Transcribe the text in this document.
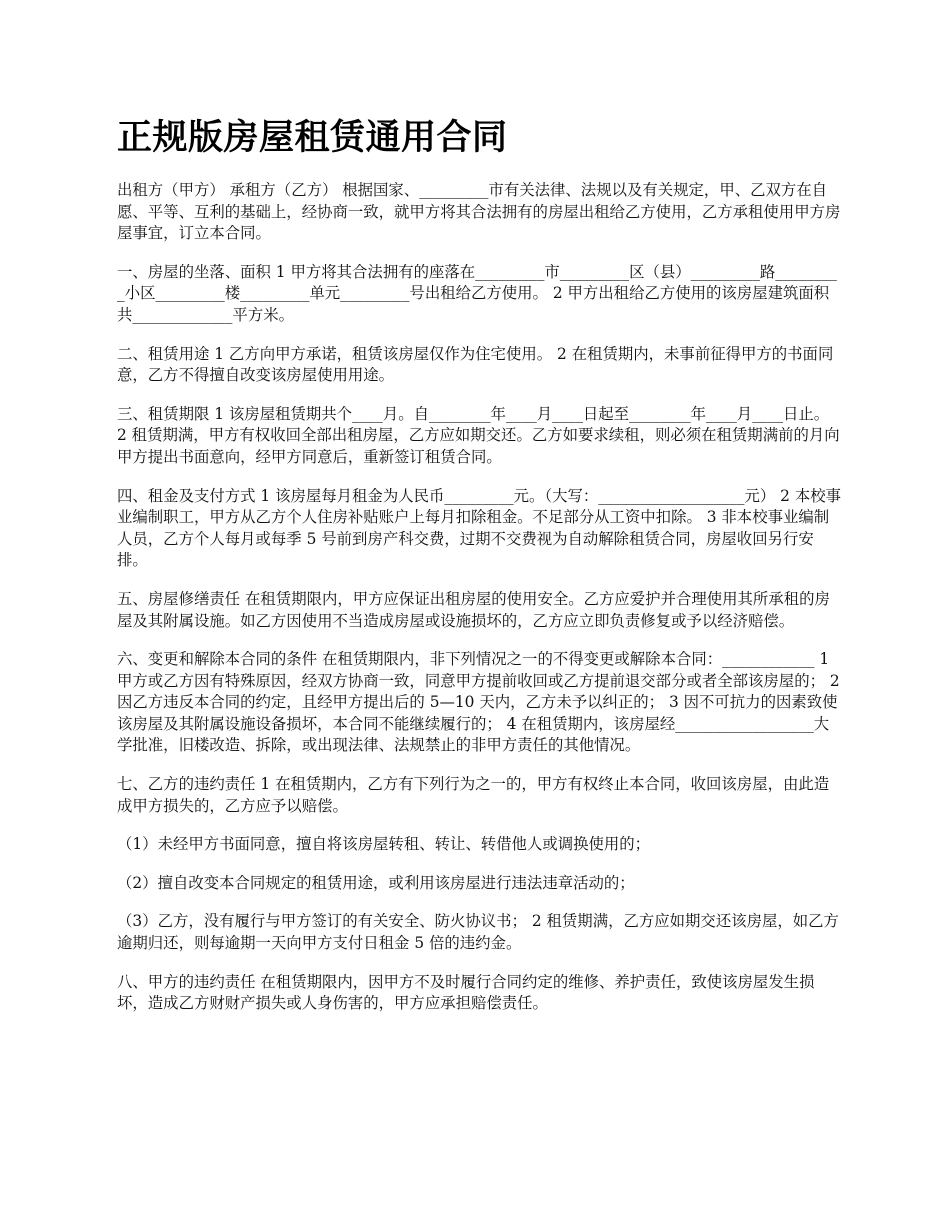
正规版房屋租赁通用合同

出租方（甲方） 承租方（乙方） 根据国家、_________市有关法律、法规以及有关规定，甲、乙双方在自愿、平等、互利的基础上，经协商一致，就甲方将其合法拥有的房屋出租给乙方使用，乙方承租使用甲方房屋事宜，订立本合同。

一、房屋的坐落、面积 1 甲方将其合法拥有的座落在_________市_________区（县）_________路_________小区_________楼_________单元_________号出租给乙方使用。 2 甲方出租给乙方使用的该房屋建筑面积共_____________平方米。

二、租赁用途 1 乙方向甲方承诺，租赁该房屋仅作为住宅使用。 2 在租赁期内，未事前征得甲方的书面同意，乙方不得擅自改变该房屋使用用途。

三、租赁期限 1 该房屋租赁期共个____月。自________年____月____日起至________年____月____日止。 2 租赁期满，甲方有权收回全部出租房屋，乙方应如期交还。乙方如要求续租，则必须在租赁期满前的月向甲方提出书面意向，经甲方同意后，重新签订租赁合同。

四、租金及支付方式 1 该房屋每月租金为人民币_________元。（大写：___________________元） 2 本校事业编制职工，甲方从乙方个人住房补贴账户上每月扣除租金。不足部分从工资中扣除。 3 非本校事业编制人员，乙方个人每月或每季 5 号前到房产科交费，过期不交费视为自动解除租赁合同，房屋收回另行安排。

五、房屋修缮责任 在租赁期限内，甲方应保证出租房屋的使用安全。乙方应爱护并合理使用其所承租的房屋及其附属设施。如乙方因使用不当造成房屋或设施损坏的，乙方应立即负责修复或予以经济赔偿。

六、变更和解除本合同的条件 在租赁期限内，非下列情况之一的不得变更或解除本合同：____________ 1 甲方或乙方因有特殊原因，经双方协商一致，同意甲方提前收回或乙方提前退交部分或者全部该房屋的； 2 因乙方违反本合同的约定，且经甲方提出后的 5—10 天内，乙方未予以纠正的； 3 因不可抗力的因素致使该房屋及其附属设施设备损坏，本合同不能继续履行的； 4 在租赁期内，该房屋经__________________大学批准，旧楼改造、拆除，或出现法律、法规禁止的非甲方责任的其他情况。

七、乙方的违约责任 1 在租赁期内，乙方有下列行为之一的，甲方有权终止本合同，收回该房屋，由此造成甲方损失的，乙方应予以赔偿。

（1）未经甲方书面同意，擅自将该房屋转租、转让、转借他人或调换使用的；

（2）擅自改变本合同规定的租赁用途，或利用该房屋进行违法违章活动的；

（3）乙方，没有履行与甲方签订的有关安全、防火协议书； 2 租赁期满，乙方应如期交还该房屋，如乙方逾期归还，则每逾期一天向甲方支付日租金 5 倍的违约金。

八、甲方的违约责任 在租赁期限内，因甲方不及时履行合同约定的维修、养护责任，致使该房屋发生损坏，造成乙方财财产损失或人身伤害的，甲方应承担赔偿责任。
